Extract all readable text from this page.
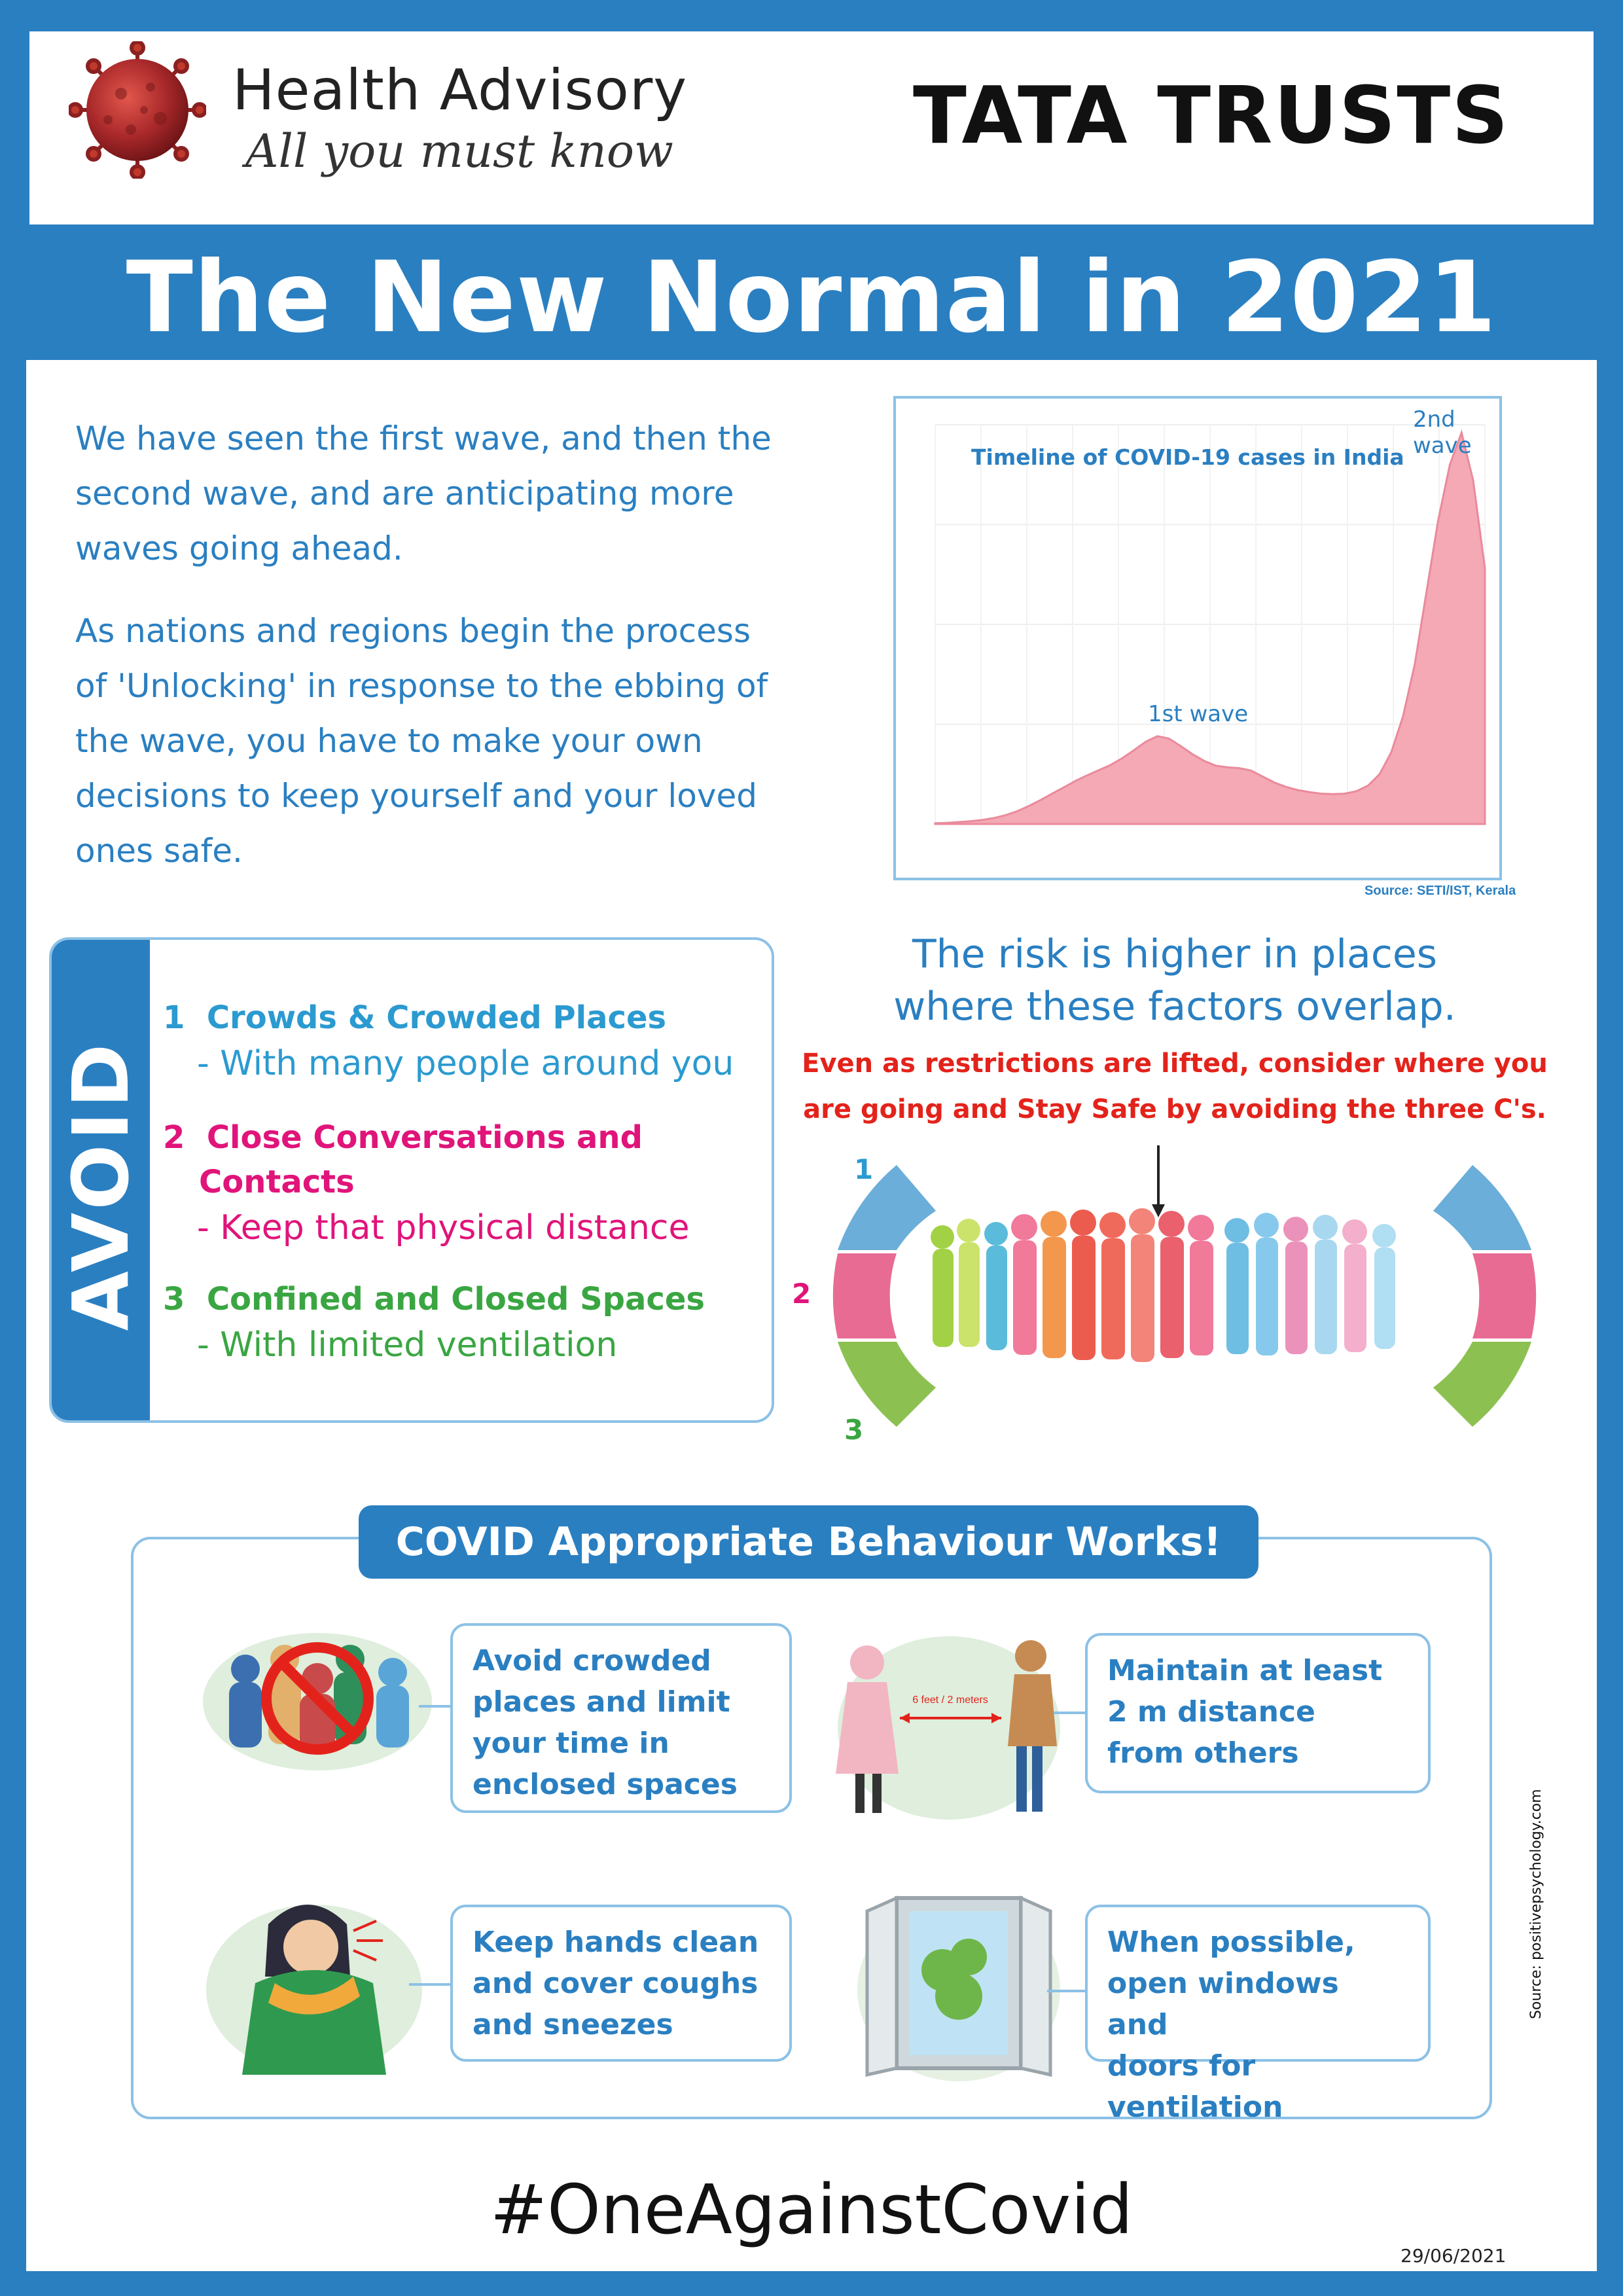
Health Advisory
All you must know	TATA TRUSTS
The New Normal in 2021
We have seen the first wave, and then the
second wave, and are anticipating more
waves going ahead.
As nations and regions begin the process
of 'Unlocking' in response to the ebbing of
the wave, you have to make your own
decisions to keep yourself and your loved
ones safe.
Timeline of COVID-19 cases in India
1st wave
2nd wave
Source: SETI/IST, Kerala
AVOID
1 Crowds & Crowded Places
- With many people around you
2 Close Conversations and
Contacts
- Keep that physical distance
3 Confined and Closed Spaces
- With limited ventilation
The risk is higher in places
where these factors overlap.
Even as restrictions are lifted, consider where you
are going and Stay Safe by avoiding the three C's.
1
2
3
COVID Appropriate Behaviour Works!
Avoid crowded
places and limit
your time in
enclosed spaces
6 feet / 2 meters
Maintain at least
2 m distance
from others
Keep hands clean
and cover coughs
and sneezes
When possible,
open windows and
doors for ventilation
Source: positivepsychology.com
#OneAgainstCovid
29/06/2021
